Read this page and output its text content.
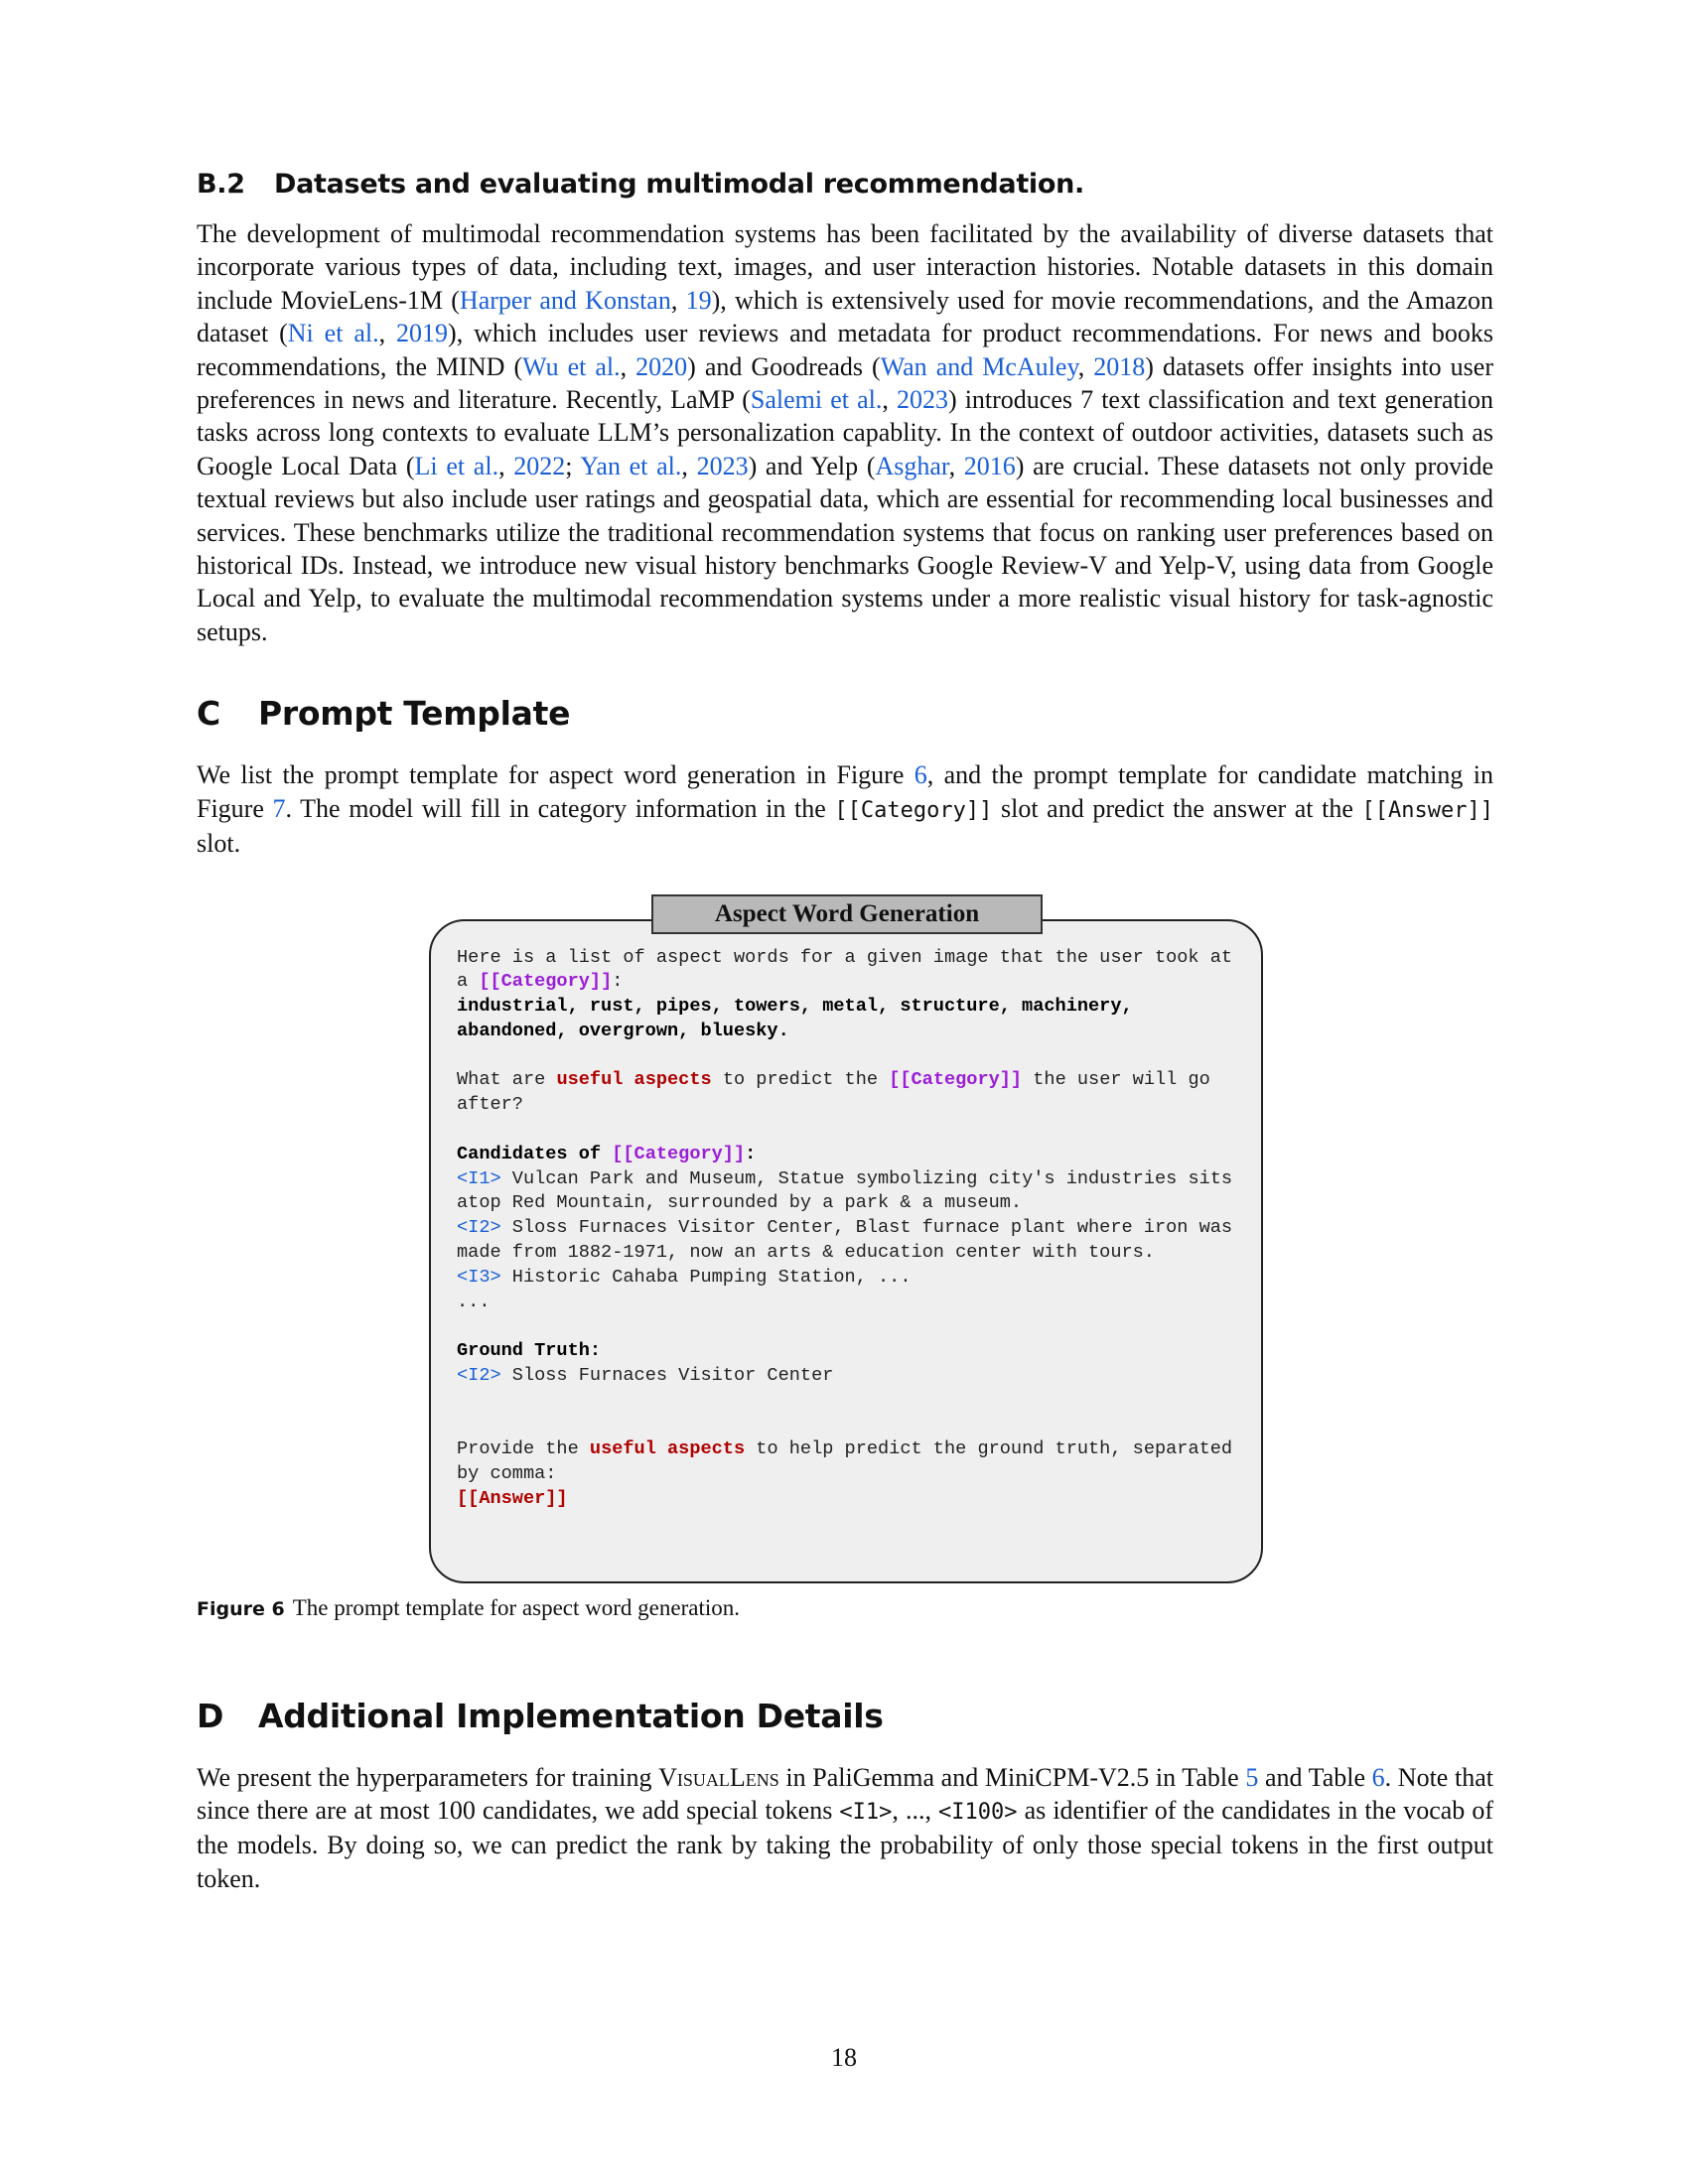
B.2 Datasets and evaluating multimodal recommendation.

The development of multimodal recommendation systems has been facilitated by the availability of diverse datasets that incorporate various types of data, including text, images, and user interaction histories. Notable datasets in this domain include MovieLens-1M (Harper and Konstan, 19), which is extensively used for movie recommendations, and the Amazon dataset (Ni et al., 2019), which includes user reviews and metadata for product recommendations. For news and books recommendations, the MIND (Wu et al., 2020) and Goodreads (Wan and McAuley, 2018) datasets offer insights into user preferences in news and literature. Recently, LaMP (Salemi et al., 2023) introduces 7 text classification and text generation tasks across long contexts to evaluate LLM’s personalization capablity. In the context of outdoor activities, datasets such as Google Local Data (Li et al., 2022; Yan et al., 2023) and Yelp (Asghar, 2016) are crucial. These datasets not only provide textual reviews but also include user ratings and geospatial data, which are essential for recommending local businesses and services. These benchmarks utilize the traditional recommendation systems that focus on ranking user preferences based on historical IDs. Instead, we introduce new visual history benchmarks Google Review-V and Yelp-V, using data from Google Local and Yelp, to evaluate the multimodal recommendation systems under a more realistic visual history for task-agnostic setups.

C Prompt Template

We list the prompt template for aspect word generation in Figure 6, and the prompt template for candidate matching in Figure 7. The model will fill in category information in the [[Category]] slot and predict the answer at the [[Answer]] slot.

Aspect Word Generation
Here is a list of aspect words for a given image that the user took at a [[Category]]:
industrial, rust, pipes, towers, metal, structure, machinery, abandoned, overgrown, bluesky.
What are useful aspects to predict the [[Category]] the user will go after?
Candidates of [[Category]]:
<I1> Vulcan Park and Museum, Statue symbolizing city's industries sits atop Red Mountain, surrounded by a park & a museum.
<I2> Sloss Furnaces Visitor Center, Blast furnace plant where iron was made from 1882-1971, now an arts & education center with tours.
<I3> Historic Cahaba Pumping Station, ...
...
Ground Truth:
<I2> Sloss Furnaces Visitor Center
Provide the useful aspects to help predict the ground truth, separated by comma:
[[Answer]]
Figure 6 The prompt template for aspect word generation.
D Additional Implementation Details

We present the hyperparameters for training VisualLens in PaliGemma and MiniCPM-V2.5 in Table 5 and Table 6. Note that since there are at most 100 candidates, we add special tokens <I1>, ..., <I100> as identifier of the candidates in the vocab of the models. By doing so, we can predict the rank by taking the probability of only those special tokens in the first output token.

18
